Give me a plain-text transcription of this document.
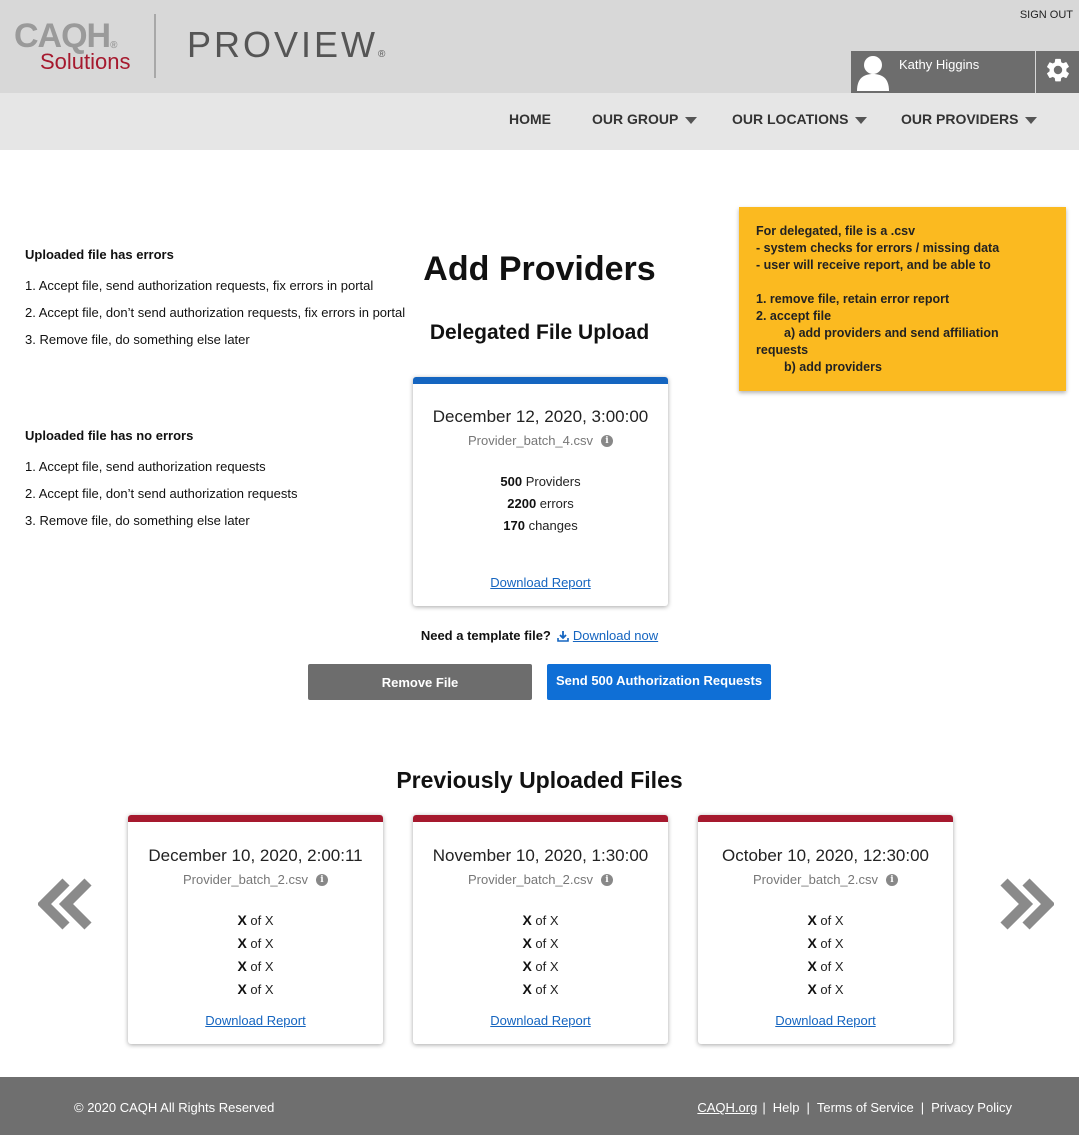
CAQH®
Solutions PROVIEW®
SIGN OUT
Kathy Higgins
HOME	OUR GROUP	OUR LOCATIONS	OUR PROVIDERS
Uploaded file has errors
1. Accept file, send authorization requests, fix errors in portal
2. Accept file, don’t send authorization requests, fix errors in portal
3. Remove file, do something else later
Uploaded file has no errors
1. Accept file, send authorization requests
2. Accept file, don’t send authorization requests
3. Remove file, do something else later
Add Providers
Delegated File Upload
December 12, 2020, 3:00:00
Provider_batch_4.csv	i
500 Providers
2200 errors
170 changes
Download Report
Need a template file? Download now
Remove File	Send 500 Authorization Requests
For delegated, file is a .csv
- system checks for errors / missing data
- user will receive report, and be able to
1. remove file, retain error report
2. accept file
a) add providers and send affiliation
requests
b) add providers
Previously Uploaded Files
December 10, 2020, 2:00:11
Provider_batch_2.csv	i
X of X
X of X
X of X
X of X
Download Report
November 10, 2020, 1:30:00
Provider_batch_2.csv	i
X of X
X of X
X of X
X of X
Download Report
October 10, 2020, 12:30:00
Provider_batch_2.csv	i
X of X
X of X
X of X
X of X
Download Report
© 2020 CAQH All Rights Reserved	CAQH.org | Help | Terms of Service | Privacy Policy
